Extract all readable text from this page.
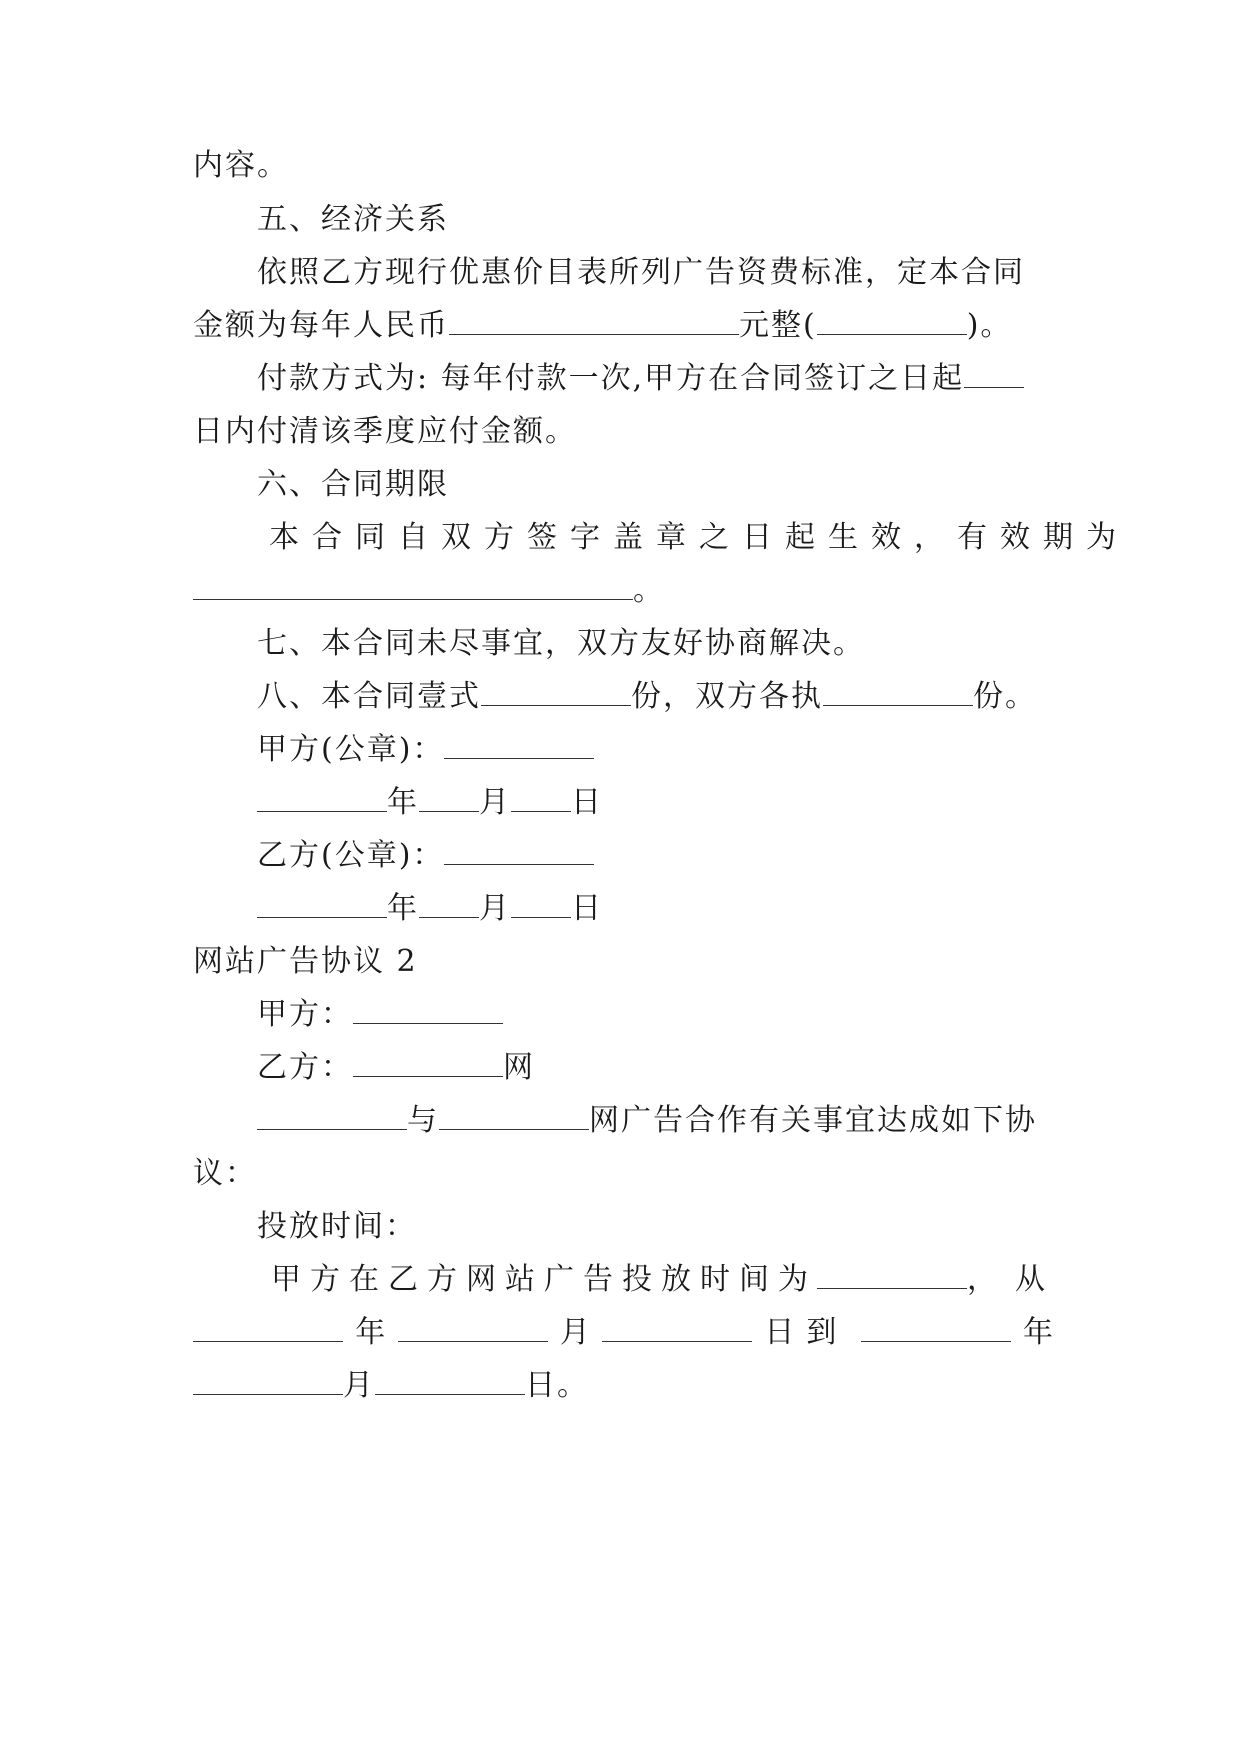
内容。
五、经济关系
依照乙方现行优惠价目表所列广告资费标准，定本合同
金额为每年人民币	元整(	)。
付款方式为: 每年付款一次,甲方在合同签订之日起
日内付清该季度应付金额。
六、合同期限
本合同自双方签字盖章之日起生效，有效期为
。
七、本合同未尽事宜，双方友好协商解决。
八、本合同壹式	份，双方各执	份。
甲方(公章)：
年 月 日
乙方(公章)：
年 月 日
网站广告协议 2
甲方：
乙方：	网
与	网广告合作有关事宜达成如下协
议：
投放时间：
甲方在乙方网站广告投放时间为	，从
年	月	日到	年
月	日。
